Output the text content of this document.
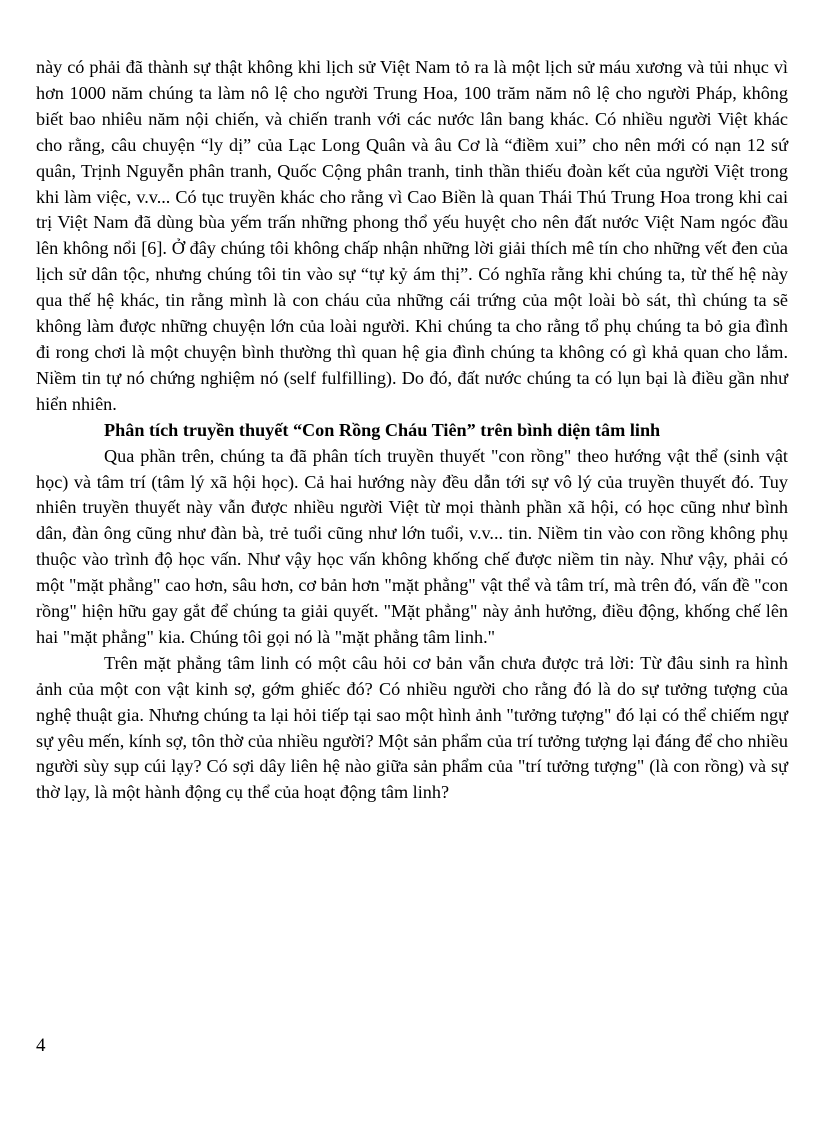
này có phải đã thành sự thật không khi lịch sử Việt Nam tỏ ra là một lịch sử máu xương và tủi nhục vì hơn 1000 năm chúng ta làm nô lệ cho người Trung Hoa, 100 trăm năm nô lệ cho người Pháp, không biết bao nhiêu năm nội chiến, và chiến tranh với các nước lân bang khác. Có nhiều người Việt khác cho rằng, câu chuyện “ly dị” của Lạc Long Quân và âu Cơ là “điềm xui” cho nên mới có nạn 12 sứ quân, Trịnh Nguyễn phân tranh, Quốc Cộng phân tranh, tinh thần thiếu đoàn kết của người Việt trong khi làm việc, v.v... Có tục truyền khác cho rằng vì Cao Biền là quan Thái Thú Trung Hoa trong khi cai trị Việt Nam đã dùng bùa yếm trấn những phong thổ yếu huyệt cho nên đất nước Việt Nam ngóc đầu lên không nổi [6]. Ở đây chúng tôi không chấp nhận những lời giải thích mê tín cho những vết đen của lịch sử dân tộc, nhưng chúng tôi tin vào sự “tự kỷ ám thị”. Có nghĩa rằng khi chúng ta, từ thế hệ này qua thế hệ khác, tin rằng mình là con cháu của những cái trứng của một loài bò sát, thì chúng ta sẽ không làm được những chuyện lớn của loài người. Khi chúng ta cho rằng tổ phụ chúng ta bỏ gia đình đi rong chơi là một chuyện bình thường thì quan hệ gia đình chúng ta không có gì khả quan cho lắm. Niềm tin tự nó chứng nghiệm nó (self fulfilling). Do đó, đất nước chúng ta có lụn bại là điều gần như hiển nhiên.

Phân tích truyền thuyết “Con Rồng Cháu Tiên” trên bình diện tâm linh

Qua phần trên, chúng ta đã phân tích truyền thuyết "con rồng" theo hướng vật thể (sinh vật học) và tâm trí (tâm lý xã hội học). Cả hai hướng này đều dẫn tới sự vô lý của truyền thuyết đó. Tuy nhiên truyền thuyết này vẫn được nhiều người Việt từ mọi thành phần xã hội, có học cũng như bình dân, đàn ông cũng như đàn bà, trẻ tuổi cũng như lớn tuổi, v.v... tin. Niềm tin vào con rồng không phụ thuộc vào trình độ học vấn. Như vậy học vấn không khống chế được niềm tin này. Như vậy, phải có một "mặt phẳng" cao hơn, sâu hơn, cơ bản hơn "mặt phẳng" vật thể và tâm trí, mà trên đó, vấn đề "con rồng" hiện hữu gay gắt để chúng ta giải quyết. "Mặt phẳng" này ảnh hưởng, điều động, khống chế lên hai "mặt phẳng" kia. Chúng tôi gọi nó là "mặt phẳng tâm linh."

Trên mặt phẳng tâm linh có một câu hỏi cơ bản vẫn chưa được trả lời: Từ đâu sinh ra hình ảnh của một con vật kinh sợ, gớm ghiếc đó? Có nhiều người cho rằng đó là do sự tưởng tượng của nghệ thuật gia. Nhưng chúng ta lại hỏi tiếp tại sao một hình ảnh "tưởng tượng" đó lại có thể chiếm ngự sự yêu mến, kính sợ, tôn thờ của nhiều người? Một sản phẩm của trí tưởng tượng lại đáng để cho nhiều người sùy sụp cúi lạy? Có sợi dây liên hệ nào giữa sản phẩm của "trí tưởng tượng" (là con rồng) và sự thờ lạy, là một hành động cụ thể của hoạt động tâm linh?

4
